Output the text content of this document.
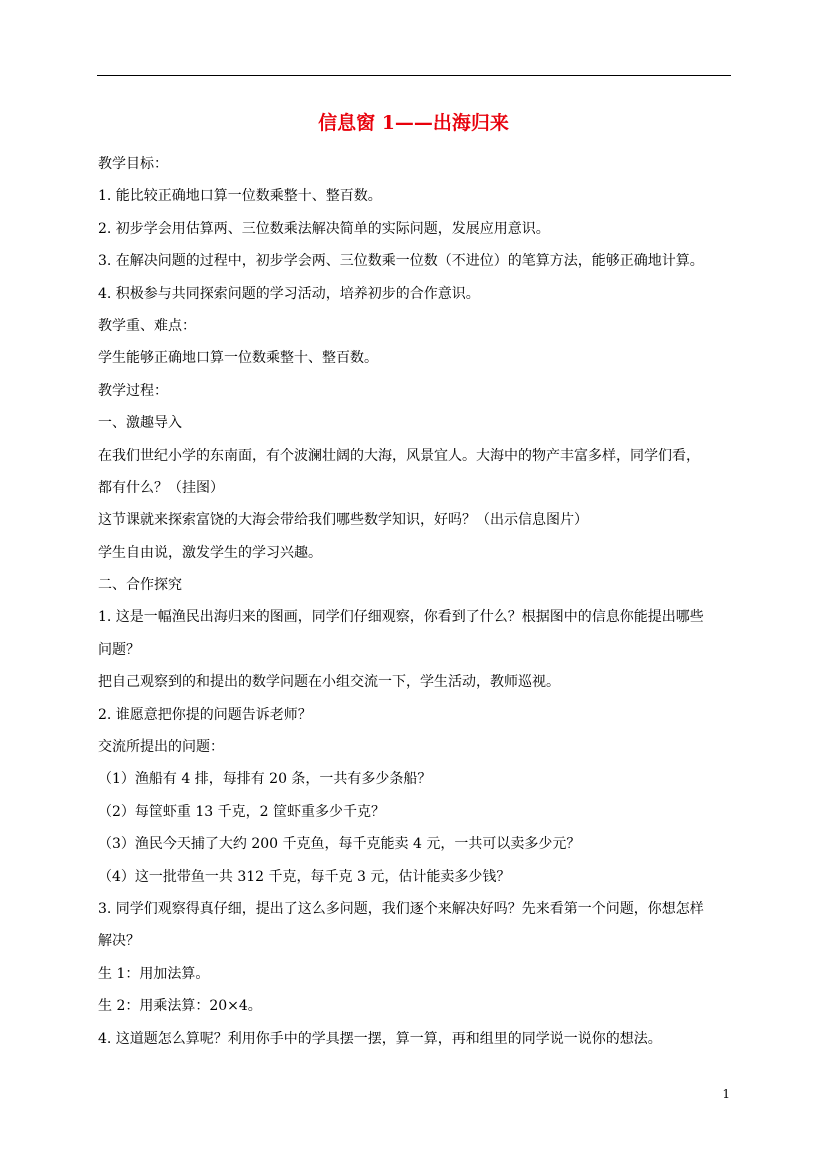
信息窗 1——出海归来
教学目标：
1. 能比较正确地口算一位数乘整十、整百数。
2. 初步学会用估算两、三位数乘法解决简单的实际问题，发展应用意识。
3. 在解决问题的过程中，初步学会两、三位数乘一位数（不进位）的笔算方法，能够正确地计算。
4. 积极参与共同探索问题的学习活动，培养初步的合作意识。
教学重、难点：
学生能够正确地口算一位数乘整十、整百数。
教学过程：
一、激趣导入
在我们世纪小学的东南面，有个波澜壮阔的大海，风景宜人。大海中的物产丰富多样，同学们看，
都有什么？（挂图）
这节课就来探索富饶的大海会带给我们哪些数学知识，好吗？（出示信息图片）
学生自由说，激发学生的学习兴趣。
二、合作探究
1. 这是一幅渔民出海归来的图画，同学们仔细观察，你看到了什么？根据图中的信息你能提出哪些
问题？
把自己观察到的和提出的数学问题在小组交流一下，学生活动，教师巡视。
2. 谁愿意把你提的问题告诉老师？
交流所提出的问题：
（1）渔船有 4 排，每排有 20 条，一共有多少条船？
（2）每筐虾重 13 千克，2 筐虾重多少千克？
（3）渔民今天捕了大约 200 千克鱼，每千克能卖 4 元，一共可以卖多少元？
（4）这一批带鱼一共 312 千克，每千克 3 元，估计能卖多少钱？
3. 同学们观察得真仔细，提出了这么多问题，我们逐个来解决好吗？先来看第一个问题，你想怎样
解决？
生 1：用加法算。
生 2：用乘法算：20×4。
4. 这道题怎么算呢？利用你手中的学具摆一摆，算一算，再和组里的同学说一说你的想法。
1
